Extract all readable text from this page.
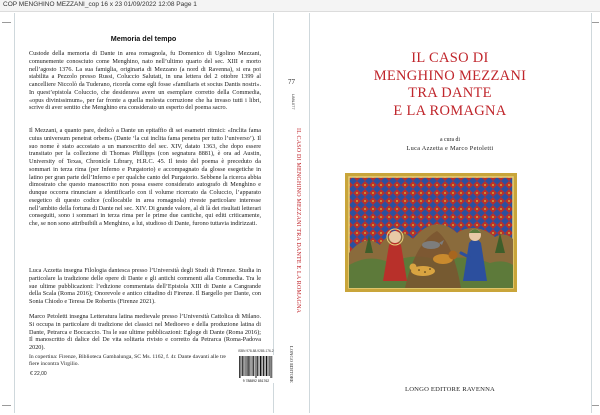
COP MENGHINO MEZZANI_cop 16 x 23 01/09/2022 12:08 Page 1
Memoria del tempo
Custode della memoria di Dante in area romagnola, fu Domenico di Ugolino Mezzani, comunemente conosciuto come Menghino, nato nell’ultimo quarto del sec. XIII e morto nell’agosto 1376. La sua famiglia, originaria di Mezzano (a nord di Ravenna), si era poi stabilita a Pezzolo presso Russi, Coluccio Salutati, in una lettera del 2 ottobre 1399 al cancelliere Niccolò da Tuderano, ricorda come egli fosse «familiaris et socius Dantis nostri». In quest’epistola Coluccio, che desiderava avere un esemplare corretto della Commedia, «opus divinissimum», per far fronte a quella molesta corruzione che ha invaso tutti i libri, scrive di aver sentito che Menghino era considerato un esperto del poema sacro.
Il Mezzani, a quanto pare, dedicò a Dante un epitaffio di sei esametri ritmici: «Inclita fama cuius universum penetrat orbem» (Dante ‘la cui inclita fama penetra per tutto l’universo’). Il suo nome è stato accostato a un manoscritto del sec. XIV, datato 1363, che dopo essere transitato per la collezione di Thomas Phillipps (con segnatura 8881), è ora ad Austin, University of Texas, Chronicle Library, H.R.C. 45. Il testo del poema è preceduto da sommari in terza rima (per Inferno e Purgatorio) e accompagnato da glosse esegetiche in latino per gran parte dell’Inferno e per qualche canto del Purgatorio. Sebbene la ricerca abbia dimostrato che questo manoscritto non possa essere considerato autografo di Menghino e dunque occorra rinunciare a identificarlo con il volume ricercato da Coluccio, l’apparato esegetico di questo codice (collocabile in area romagnola) riveste particolare interesse nell’ambito della fortuna di Dante nel sec. XIV. Di grande valore, al di là dei risultati letterari conseguiti, sono i sommari in terza rima per le prime due cantiche, qui editi criticamente, che, se non sono attribuibili a Menghino, a lui, studioso di Dante, furono tuttavia indirizzati.
Luca Azzetta insegna Filologia dantesca presso l’Università degli Studi di Firenze. Studia in particolare la tradizione delle opere di Dante e gli antichi commenti alla Commedia. Tra le sue ultime pubblicazioni: l’edizione commentata dell’Epistola XIII di Dante a Cangrande della Scala (Roma 2016); Onorevole e antico cittadino di Firenze. Il Bargello per Dante, con Sonia Chiodo e Teresa De Robertis (Firenze 2021).
Marco Petoletti insegna Letteratura latina medievale presso l’Università Cattolica di Milano. Si occupa in particolare di tradizione dei classici nel Medioevo e della produzione latina di Dante, Petrarca e Boccaccio. Tra le sue ultime pubblicazioni: Egloge di Dante (Roma 2016); Il manoscritto di dalice del De vita solitaria rivisto e corretto da Petrarca (Roma-Padova 2020).
In copertina: Firenze, Biblioteca Gambalunga, SC Ms. 1162, f. 4r. Dante davanti alle tre fiere incontra Virgilio.
ISBN 978-88-9285-176-2
9 788892 851762
€ 22,00
77
L88L077
IL CASO DI MENGHINO MEZZANI TRA DANTE E LA ROMAGNA
LONGO EDITORE
IL CASO DI
MENGHINO MEZZANI
TRA DANTE
E LA ROMAGNA
a cura di
Luca Azzetta e Marco Petoletti
LONGO EDITORE RAVENNA
